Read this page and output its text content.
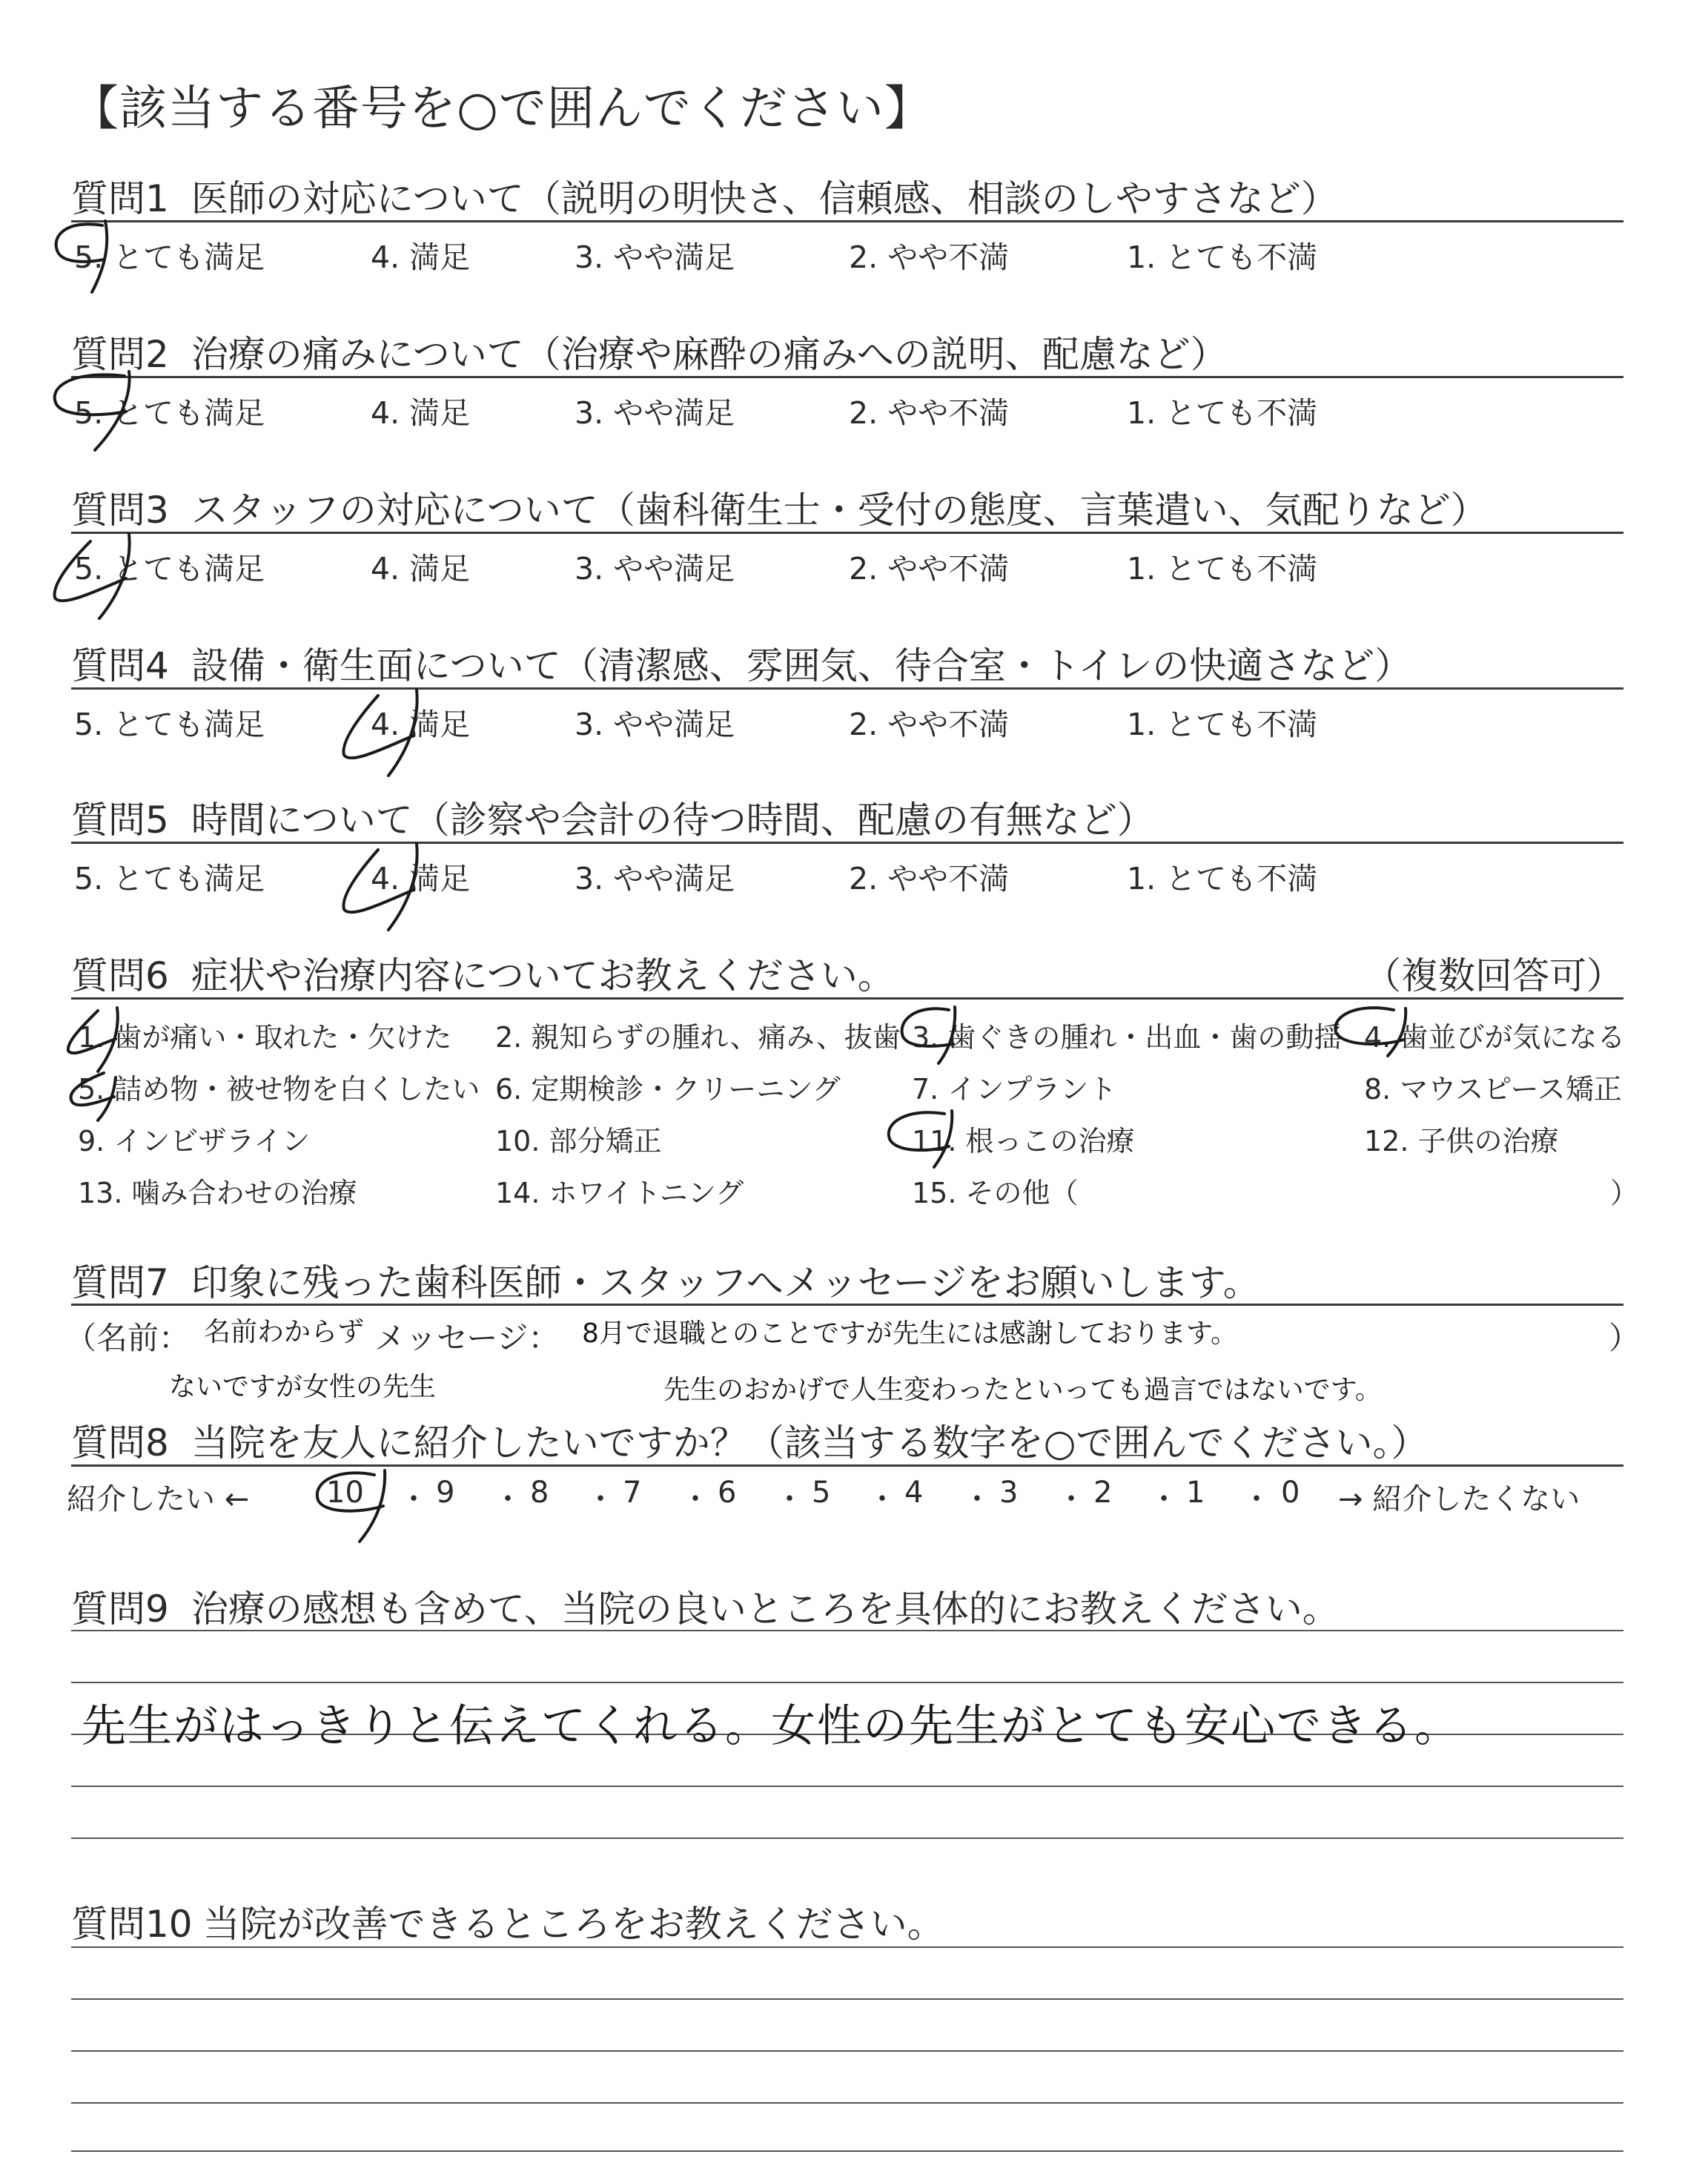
【該当する番号を○で囲んでください】
質問1 医師の対応について（説明の明快さ、信頼感、相談のしやすさなど）
5. とても満足	4. 満足	3. やや満足	2. やや不満	1. とても不満
質問2 治療の痛みについて（治療や麻酔の痛みへの説明、配慮など）
5. とても満足	4. 満足	3. やや満足	2. やや不満	1. とても不満
質問3 スタッフの対応について（歯科衛生士・受付の態度、言葉遣い、気配りなど）
5. とても満足	4. 満足	3. やや満足	2. やや不満	1. とても不満
質問4 設備・衛生面について（清潔感、雰囲気、待合室・トイレの快適さなど）
5. とても満足	4. 満足	3. やや満足	2. やや不満	1. とても不満
質問5 時間について（診察や会計の待つ時間、配慮の有無など）
5. とても満足	4. 満足	3. やや満足	2. やや不満	1. とても不満
質問6 症状や治療内容についてお教えください。	（複数回答可）
1. 歯が痛い・取れた・欠けた 2. 親知らずの腫れ、痛み、抜歯 3. 歯ぐきの腫れ・出血・歯の動揺 4. 歯並びが気になる
5. 詰め物・被せ物を白くしたい 6. 定期検診・クリーニング	7. インプラント	8. マウスピース矯正
9. インビザライン	10. 部分矯正	11. 根っこの治療	12. 子供の治療
13. 噛み合わせの治療	14. ホワイトニング	15. その他（	）
質問7 印象に残った歯科医師・スタッフへメッセージをお願いします。
（名前： 名前わからず メッセージ： 8月で退職とのことですが先生には感謝しております。	）
ないですが女性の先生	先生のおかげで人生変わったといっても過言ではないです。
質問8 当院を友人に紹介したいですか？（該当する数字を○で囲んでください。）
紹介したい ←	10 ・ 9 ・ 8 ・ 7 ・ 6 ・ 5 ・ 4 ・ 3 ・ 2 ・ 1 ・ 0 → 紹介したくない
質問9 治療の感想も含めて、当院の良いところを具体的にお教えください。
先生がはっきりと伝えてくれる。女性の先生がとても安心できる。
質問10 当院が改善できるところをお教えください。
